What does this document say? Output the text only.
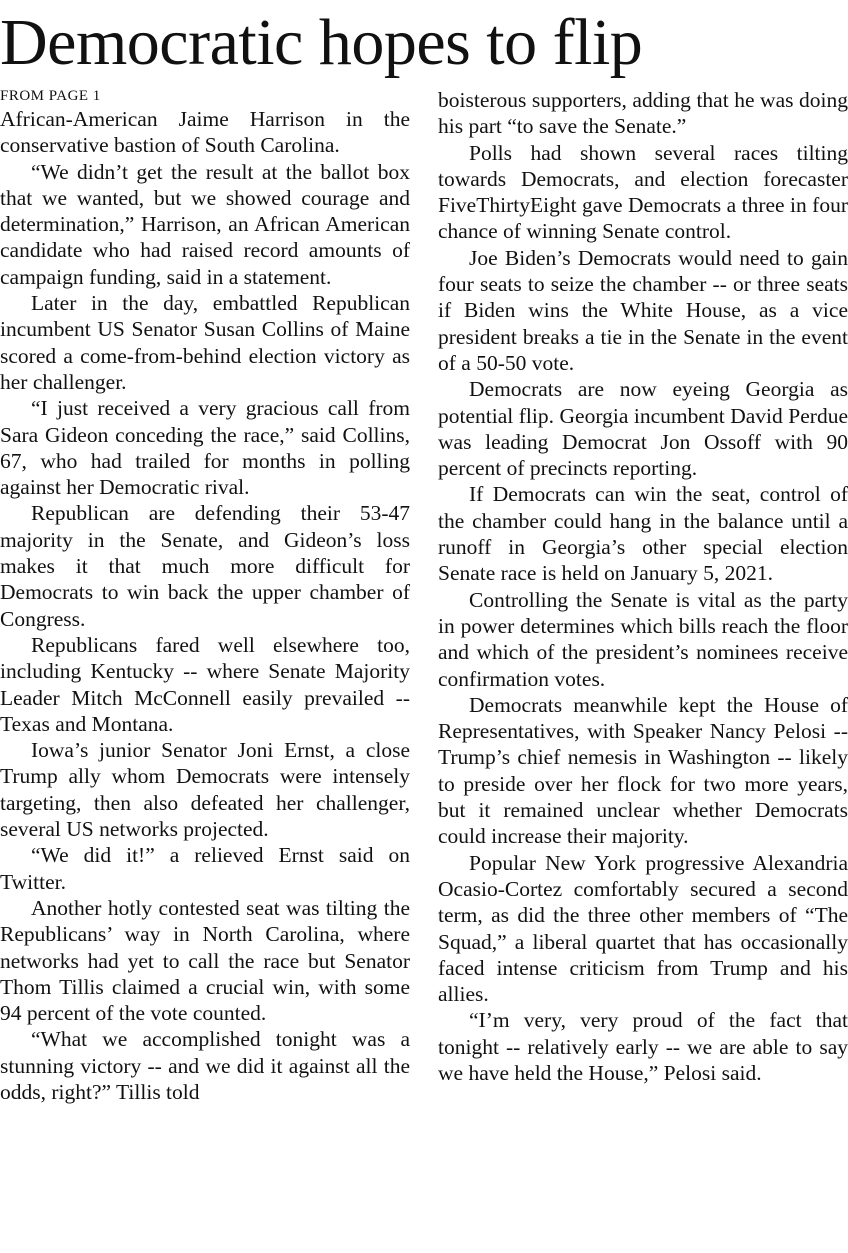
Democratic hopes to flip
FROM PAGE 1

African-American Jaime Harrison in the conservative bastion of South Carolina.

“We didn’t get the result at the ballot box that we wanted, but we showed courage and determination,” Harrison, an African American candidate who had raised record amounts of campaign funding, said in a statement.

Later in the day, embattled Republican incumbent US Senator Susan Collins of Maine scored a come-from-behind election victory as her challenger.

“I just received a very gracious call from Sara Gideon conceding the race,” said Collins, 67, who had trailed for months in polling against her Democratic rival.

Republican are defending their 53-47 majority in the Senate, and Gideon’s loss makes it that much more difficult for Democrats to win back the upper chamber of Congress.

Republicans fared well elsewhere too, including Kentucky -- where Senate Majority Leader Mitch McConnell easily prevailed -- Texas and Montana.

Iowa’s junior Senator Joni Ernst, a close Trump ally whom Democrats were intensely targeting, then also defeated her challenger, several US networks projected.

“We did it!” a relieved Ernst said on Twitter.

Another hotly contested seat was tilting the Republicans’ way in North Carolina, where networks had yet to call the race but Senator Thom Tillis claimed a crucial win, with some 94 percent of the vote counted.

“What we accomplished tonight was a stunning victory -- and we did it against all the odds, right?” Tillis told

boisterous supporters, adding that he was doing his part “to save the Senate.”

Polls had shown several races tilting towards Democrats, and election forecaster FiveThirtyEight gave Democrats a three in four chance of winning Senate control.

Joe Biden’s Democrats would need to gain four seats to seize the chamber -- or three seats if Biden wins the White House, as a vice president breaks a tie in the Senate in the event of a 50-50 vote.

Democrats are now eyeing Georgia as potential flip. Georgia incumbent David Perdue was leading Democrat Jon Ossoff with 90 percent of precincts reporting.

If Democrats can win the seat, control of the chamber could hang in the balance until a runoff in Georgia’s other special election Senate race is held on January 5, 2021.

Controlling the Senate is vital as the party in power determines which bills reach the floor and which of the president’s nominees receive confirmation votes.

Democrats meanwhile kept the House of Representatives, with Speaker Nancy Pelosi -- Trump’s chief nemesis in Washington -- likely to preside over her flock for two more years, but it remained unclear whether Democrats could increase their majority.

Popular New York progressive Alexandria Ocasio-Cortez comfortably secured a second term, as did the three other members of “The Squad,” a liberal quartet that has occasionally faced intense criticism from Trump and his allies.

“I’m very, very proud of the fact that tonight -- relatively early -- we are able to say we have held the House,” Pelosi said.
